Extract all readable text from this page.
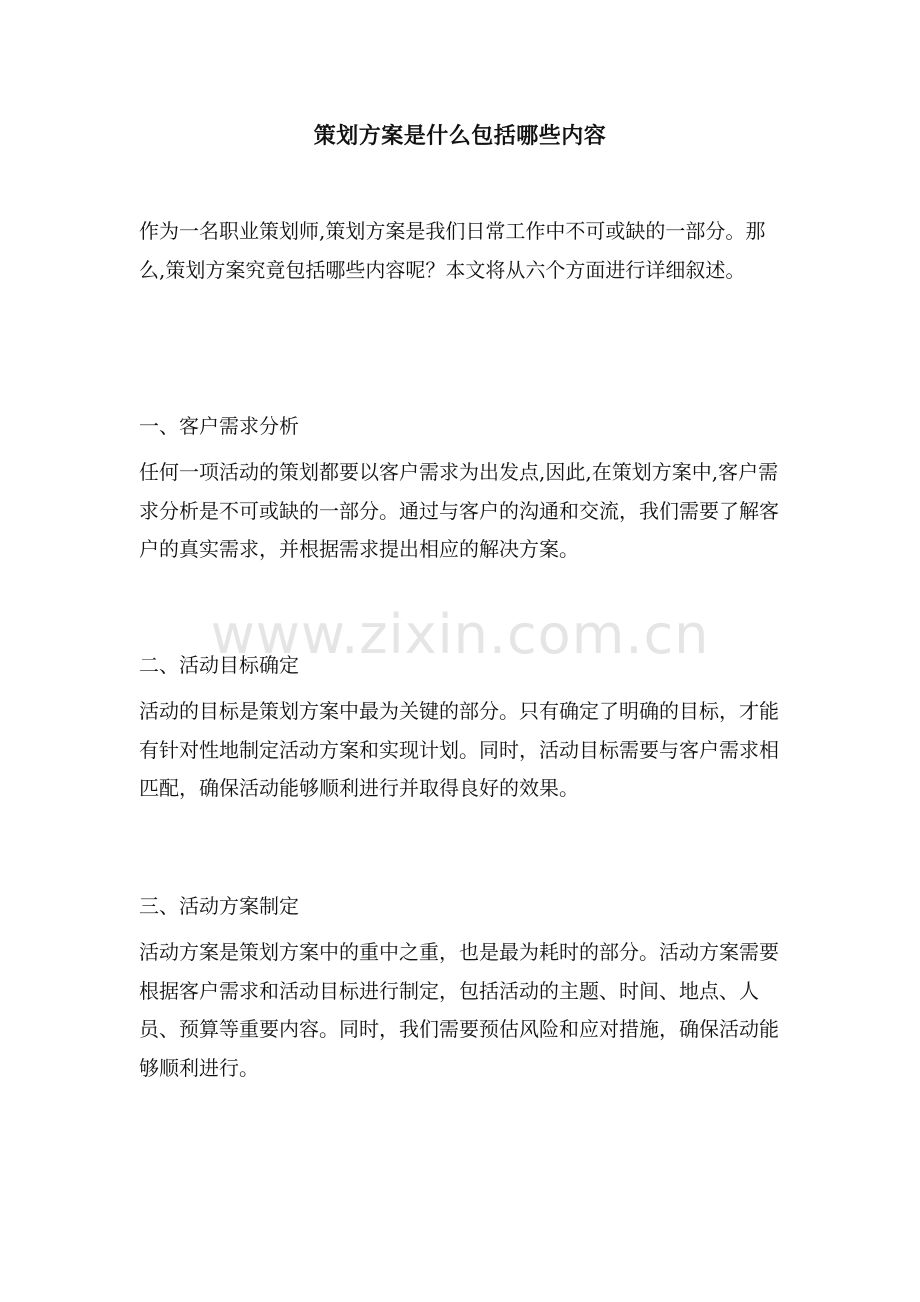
策划方案是什么包括哪些内容

作为一名职业策划师,策划方案是我们日常工作中不可或缺的一部分。那么,策划方案究竟包括哪些内容呢？本文将从六个方面进行详细叙述。

一、客户需求分析

任何一项活动的策划都要以客户需求为出发点,因此,在策划方案中,客户需求分析是不可或缺的一部分。通过与客户的沟通和交流，我们需要了解客户的真实需求，并根据需求提出相应的解决方案。

二、活动目标确定

活动的目标是策划方案中最为关键的部分。只有确定了明确的目标，才能有针对性地制定活动方案和实现计划。同时，活动目标需要与客户需求相匹配，确保活动能够顺利进行并取得良好的效果。

三、活动方案制定

活动方案是策划方案中的重中之重，也是最为耗时的部分。活动方案需要根据客户需求和活动目标进行制定，包括活动的主题、时间、地点、人员、预算等重要内容。同时，我们需要预估风险和应对措施，确保活动能够顺利进行。

www.zixin.com.cn
